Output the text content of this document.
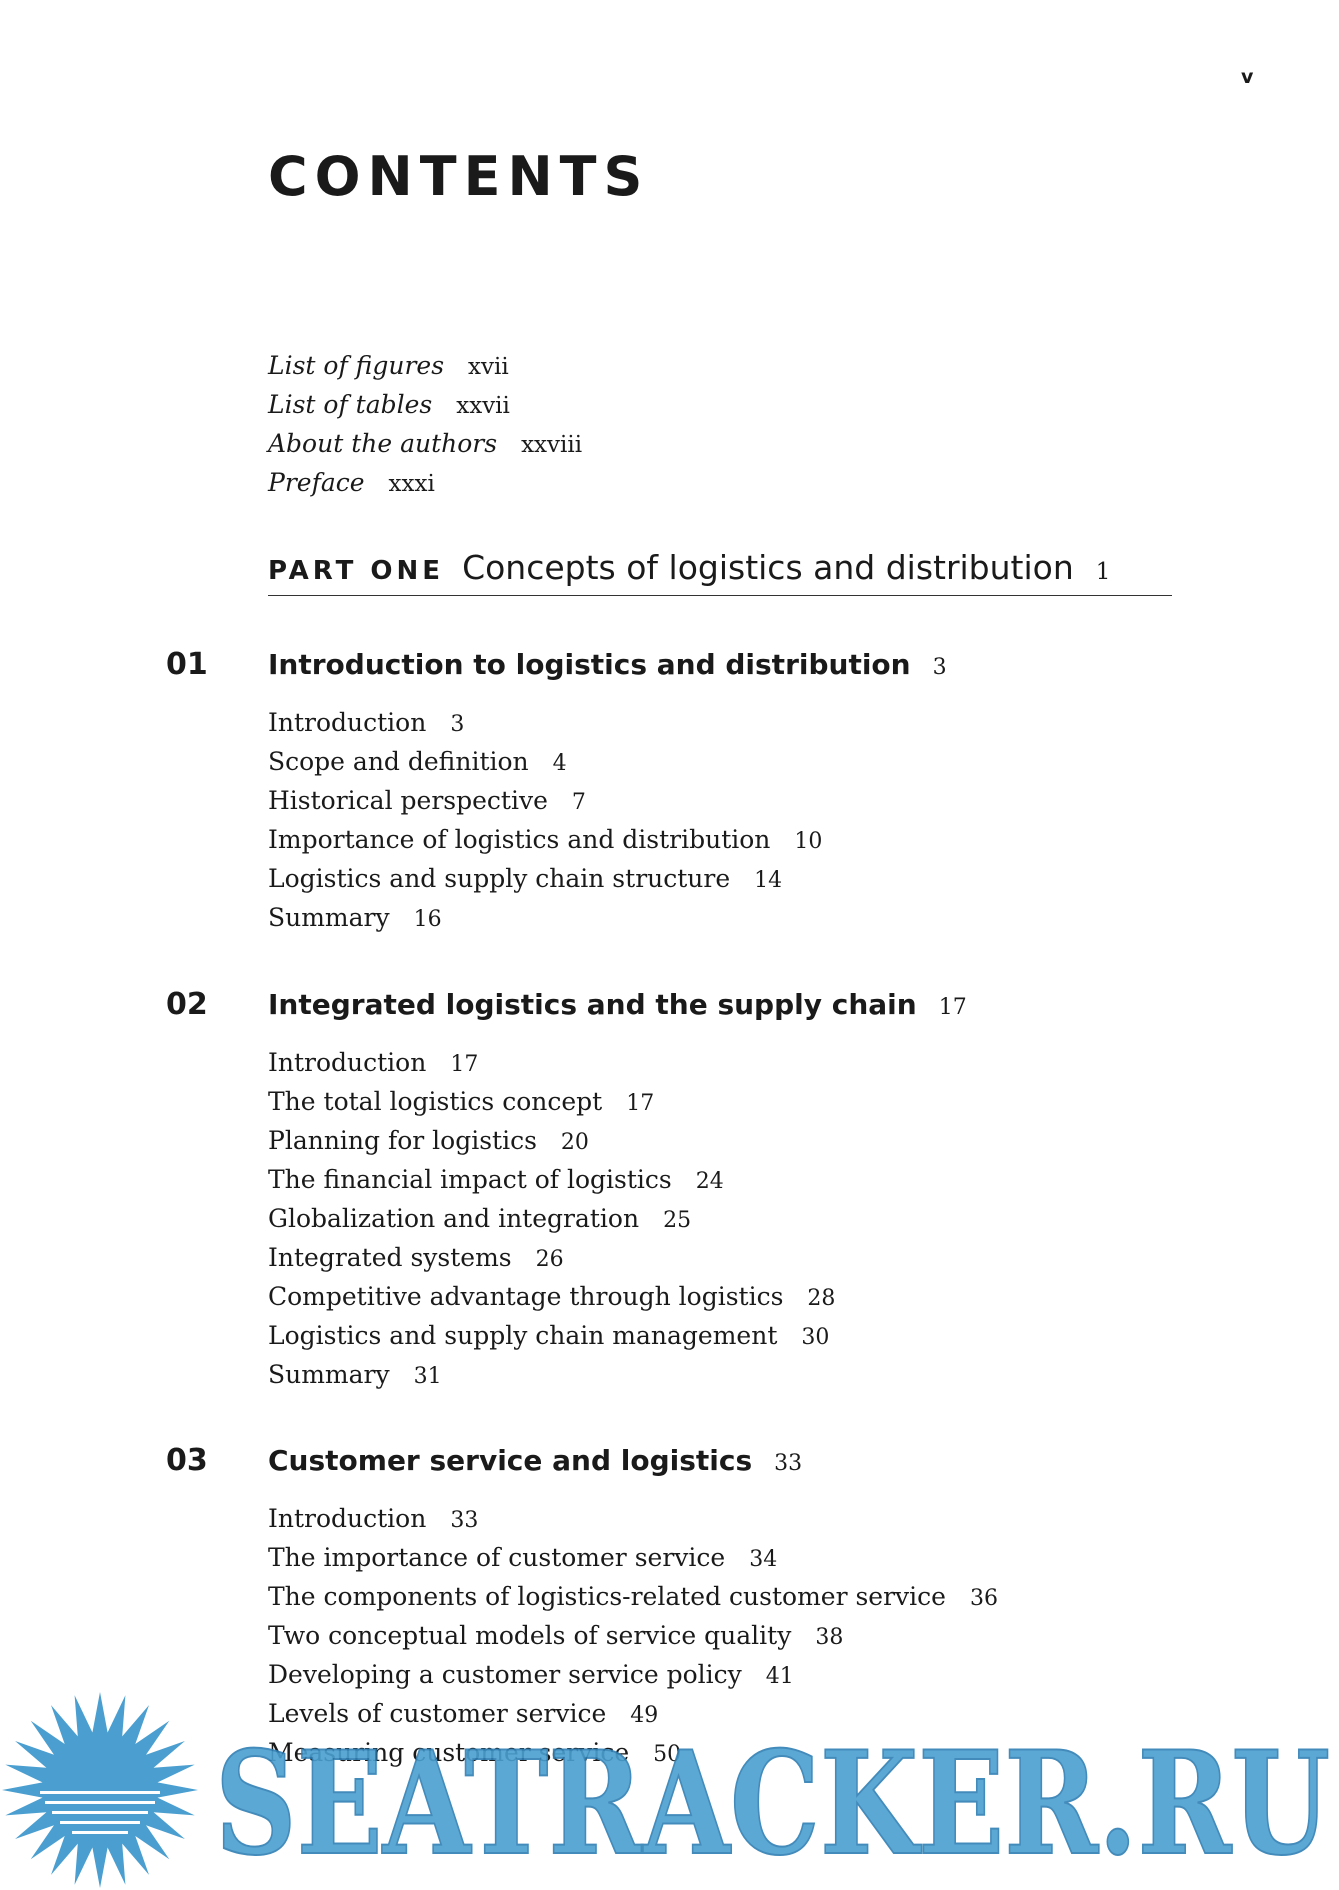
v
CONTENTS
List of figures xvii
List of tables xxvii
About the authors xxviii
Preface xxxi
PART ONE Concepts of logistics and distribution 1
01 Introduction to logistics and distribution 3
Introduction 3
Scope and definition 4
Historical perspective 7
Importance of logistics and distribution 10
Logistics and supply chain structure 14
Summary 16
02 Integrated logistics and the supply chain 17
Introduction 17
The total logistics concept 17
Planning for logistics 20
The financial impact of logistics 24
Globalization and integration 25
Integrated systems 26
Competitive advantage through logistics 28
Logistics and supply chain management 30
Summary 31
03 Customer service and logistics 33
Introduction 33
The importance of customer service 34
The components of logistics-related customer service 36
Two conceptual models of service quality 38
Developing a customer service policy 41
Levels of customer service 49
Measuring customer service 50
SEATRACKER.RU
